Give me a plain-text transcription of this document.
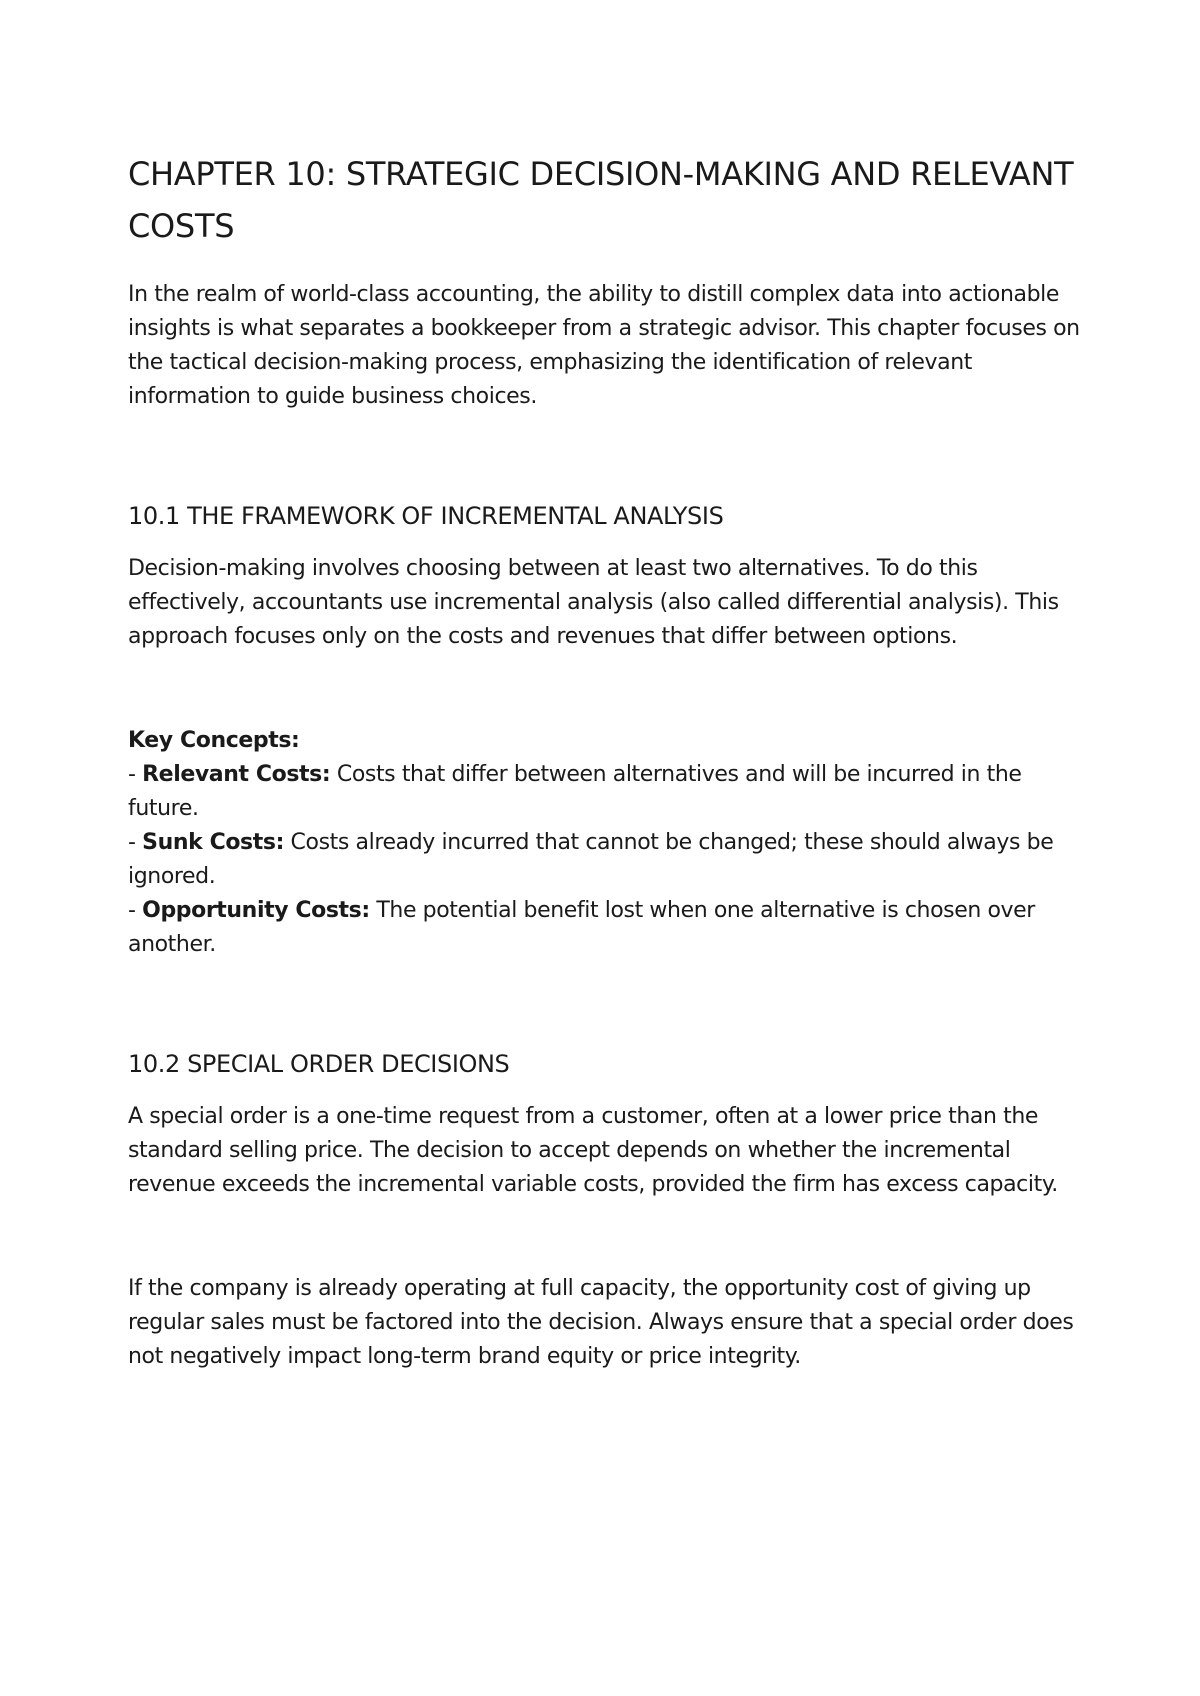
CHAPTER 10: STRATEGIC DECISION-MAKING AND RELEVANT COSTS

In the realm of world-class accounting, the ability to distill complex data into actionable insights is what separates a bookkeeper from a strategic advisor. This chapter focuses on the tactical decision-making process, emphasizing the identification of relevant information to guide business choices.

10.1 THE FRAMEWORK OF INCREMENTAL ANALYSIS

Decision-making involves choosing between at least two alternatives. To do this effectively, accountants use incremental analysis (also called differential analysis). This approach focuses only on the costs and revenues that differ between options.

Key Concepts:
- Relevant Costs: Costs that differ between alternatives and will be incurred in the future.
- Sunk Costs: Costs already incurred that cannot be changed; these should always be ignored.
- Opportunity Costs: The potential benefit lost when one alternative is chosen over another.
10.2 SPECIAL ORDER DECISIONS

A special order is a one-time request from a customer, often at a lower price than the standard selling price. The decision to accept depends on whether the incremental revenue exceeds the incremental variable costs, provided the firm has excess capacity.

If the company is already operating at full capacity, the opportunity cost of giving up regular sales must be factored into the decision. Always ensure that a special order does not negatively impact long-term brand equity or price integrity.
